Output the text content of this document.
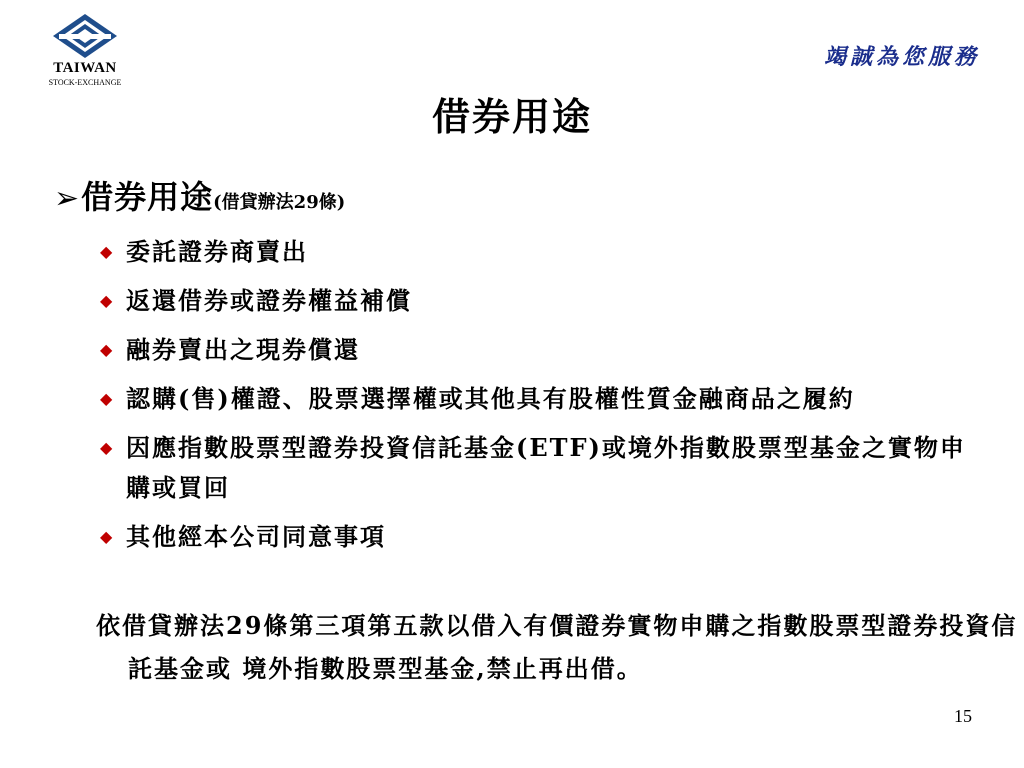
TAIWAN
STOCK-EXCHANGE
竭誠為您服務
借券用途
➢ 借券用途 (借貸辦法29條)
◆ 委託證券商賣出
◆ 返還借券或證券權益補償
◆ 融券賣出之現券償還
◆ 認購(售)權證、股票選擇權或其他具有股權性質金融商品之履約
◆ 因應指數股票型證券投資信託基金(ETF)或境外指數股票型基金之實物申購或買回
◆ 其他經本公司同意事項
依借貸辦法29條第三項第五款以借入有價證券實物申購之指數股票型證券投資信託基金或 境外指數股票型基金,禁止再出借。
15
